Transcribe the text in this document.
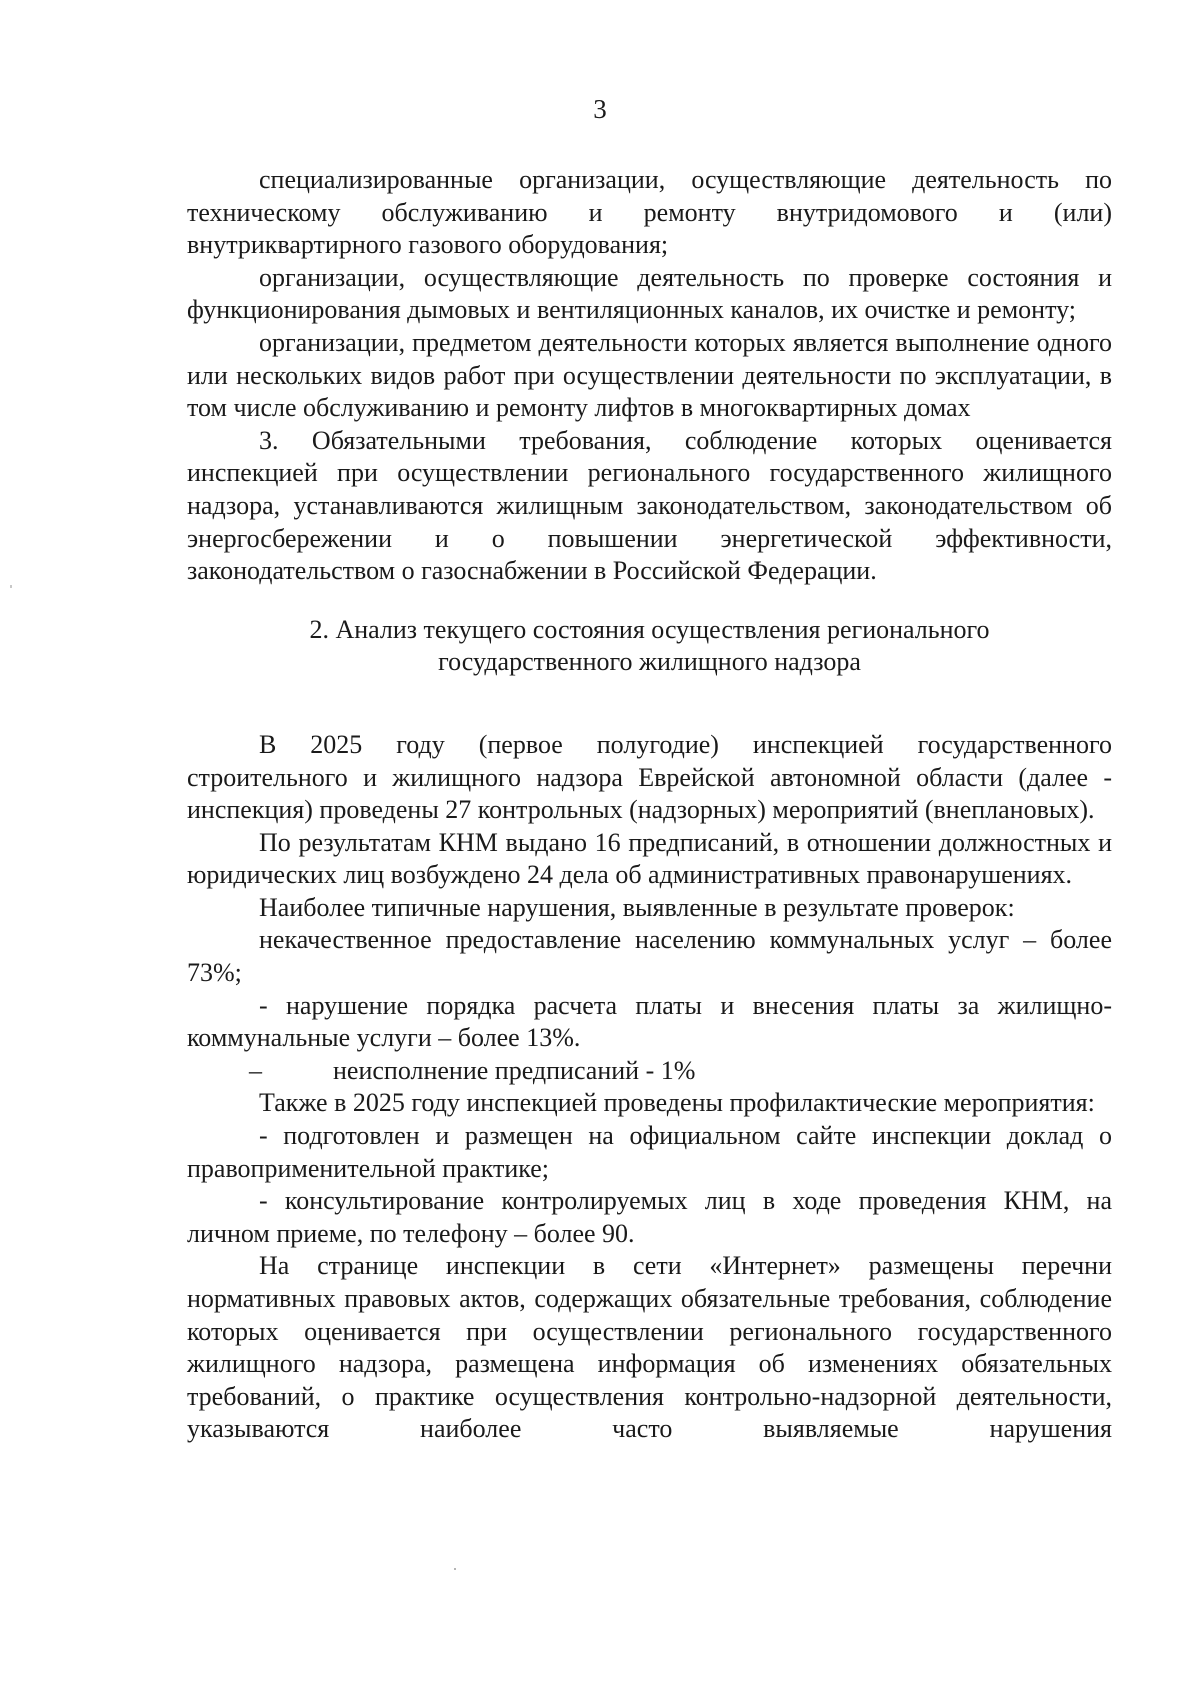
3

специализированные организации, осуществляющие деятельность по техническому обслуживанию и ремонту внутридомового и (или) внутриквартирного газового оборудования;

организации, осуществляющие деятельность по проверке состояния и функционирования дымовых и вентиляционных каналов, их очистке и ремонту;

организации, предметом деятельности которых является выполнение одного или нескольких видов работ при осуществлении деятельности по эксплуатации, в том числе обслуживанию и ремонту лифтов в многоквартирных домах

3. Обязательными требования, соблюдение которых оценивается инспекцией при осуществлении регионального государственного жилищного надзора, устанавливаются жилищным законодательством, законодательством об энергосбережении и о повышении энергетической эффективности, законодательством о газоснабжении в Российской Федерации.

2. Анализ текущего состояния осуществления регионального
государственного жилищного надзора

В 2025 году (первое полугодие) инспекцией государственного строительного и жилищного надзора Еврейской автономной области (далее - инспекция) проведены 27 контрольных (надзорных) мероприятий (внеплановых).

По результатам КНМ выдано 16 предписаний, в отношении должностных и юридических лиц возбуждено 24 дела об административных правонарушениях.

Наиболее типичные нарушения, выявленные в результате проверок:

некачественное предоставление населению коммунальных услуг – более 73%;

- нарушение порядка расчета платы и внесения платы за жилищно-коммунальные услуги – более 13%.

–	неисполнение предписаний - 1%

Также в 2025 году инспекцией проведены профилактические мероприятия:

- подготовлен и размещен на официальном сайте инспекции доклад о правоприменительной практике;

- консультирование контролируемых лиц в ходе проведения КНМ, на личном приеме, по телефону – более 90.

На странице инспекции в сети «Интернет» размещены перечни нормативных правовых актов, содержащих обязательные требования, соблюдение которых оценивается при осуществлении регионального государственного жилищного надзора, размещена информация об изменениях обязательных требований, о практике осуществления контрольно-надзорной деятельности, указываются наиболее часто выявляемые нарушения
